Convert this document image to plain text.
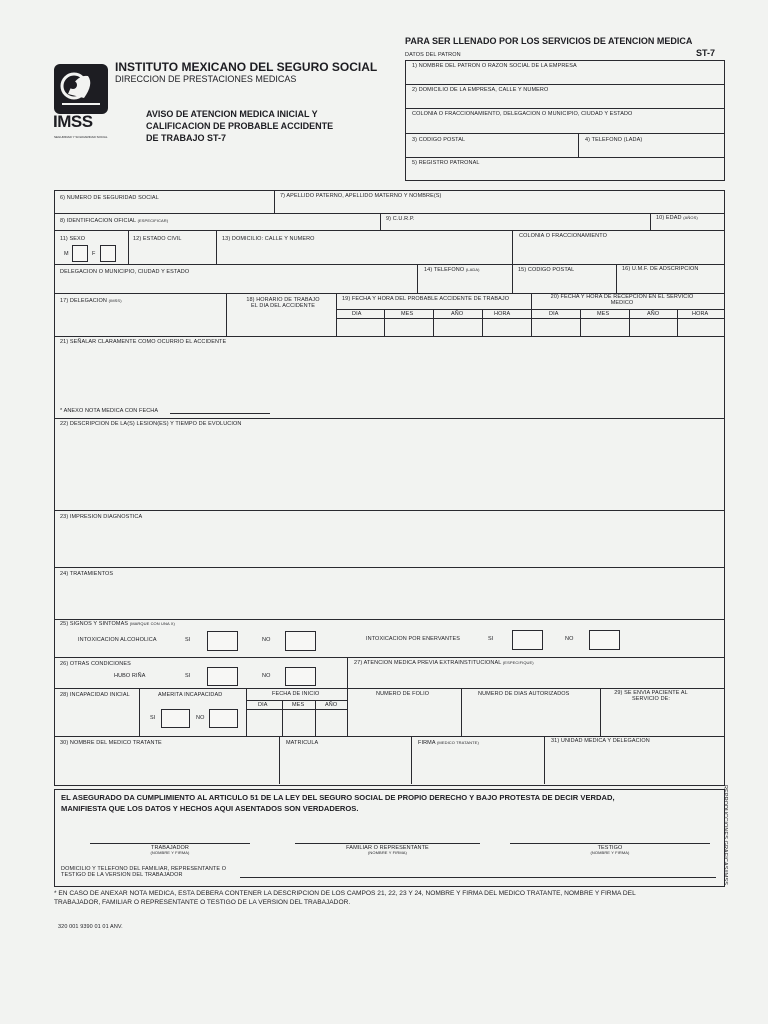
IMSS
SEGURIDAD Y SOLIDARIDAD SOCIAL
INSTITUTO MEXICANO DEL SEGURO SOCIAL
DIRECCION DE PRESTACIONES MEDICAS
AVISO DE ATENCION MEDICA INICIAL Y
CALIFICACION DE PROBABLE ACCIDENTE
DE TRABAJO ST-7
PARA SER LLENADO POR LOS SERVICIOS DE ATENCION MEDICA
DATOS DEL PATRON	ST-7
1) NOMBRE DEL PATRON O RAZON SOCIAL DE LA EMPRESA
2) DOMICILIO DE LA EMPRESA, CALLE Y NUMERO
COLONIA O FRACCIONAMIENTO, DELEGACION O MUNICIPIO, CIUDAD Y ESTADO
3) CODIGO POSTAL	4) TELEFONO (LADA)
5) REGISTRO PATRONAL
6) NUMERO DE SEGURIDAD SOCIAL	7) APELLIDO PATERNO, APELLIDO MATERNO Y NOMBRE(S)
8) IDENTIFICACION OFICIAL (ESPECIFICAR)	9) C.U.R.P.	10) EDAD (AÑOS)
11) SEXO
M	F
12) ESTADO CIVIL	13) DOMICILIO: CALLE Y NUMERO	COLONIA O FRACCIONAMIENTO
DELEGACION O MUNICIPIO, CIUDAD Y ESTADO	14) TELEFONO (LADA)	15) CODIGO POSTAL	16) U.M.F. DE ADSCRIPCION
17) DELEGACION (IMSS)	18) HORARIO DE TRABAJO
EL DIA DEL ACCIDENTE
19) FECHA Y HORA DEL PROBABLE ACCIDENTE DE TRABAJO	20) FECHA Y HORA DE RECEPCION EN EL SERVICIO
MEDICO
DIA	MES	AÑO	HORA	DIA	MES	AÑO	HORA
21) SEÑALAR CLARAMENTE COMO OCURRIO EL ACCIDENTE
* ANEXO NOTA MEDICA CON FECHA
22) DESCRIPCION DE LA(S) LESION(ES) Y TIEMPO DE EVOLUCION
23) IMPRESION DIAGNOSTICA
24) TRATAMIENTOS
25) SIGNOS Y SINTOMAS (MARQUE CON UNA X)
INTOXICACION ALCOHOLICA	SI	NO	INTOXICACION POR ENERVANTES	SI	NO
26) OTRAS CONDICIONES
HUBO RIÑA	SI	NO
27) ATENCION MEDICA PREVIA EXTRAINSTITUCIONAL (ESPECIFIQUE)
28) INCAPACIDAD INICIAL	AMERITA INCAPACIDAD
SI	NO
FECHA DE INICIO
DIA	MES	AÑO
NUMERO DE FOLIO	NUMERO DE DIAS AUTORIZADOS	29) SE ENVIA PACIENTE AL
SERVICIO DE:
30) NOMBRE DEL MEDICO TRATANTE	MATRICULA	FIRMA (MEDICO TRATANTE)	31) UNIDAD MEDICA Y DELEGACION
EL ASEGURADO DA CUMPLIMIENTO AL ARTICULO 51 DE LA LEY DEL SEGURO SOCIAL DE PROPIO DERECHO Y BAJO PROTESTA DE DECIR VERDAD,
MANIFIESTA QUE LOS DATOS Y HECHOS AQUI ASENTADOS SON VERDADEROS.
TRABAJADOR
(NOMBRE Y FIRMA)
FAMILIAR O REPRESENTANTE
(NOMBRE Y FIRMA)
TESTIGO
(NOMBRE Y FIRMA)
DOMICILIO Y TELEFONO DEL FAMILIAR, REPRESENTANTE O
TESTIGO DE LA VERSION DEL TRABAJADOR
* EN CASO DE ANEXAR NOTA MEDICA, ESTA DEBERA CONTENER LA DESCRIPCION DE LOS CAMPOS 21, 22, 23 Y 24, NOMBRE Y FIRMA DEL MEDICO TRATANTE, NOMBRE Y FIRMA DEL
TRABAJADOR, FAMILIAR O REPRESENTANTE O TESTIGO DE LA VERSION DEL TRABAJADOR.
320 001 9390 01 01 ANV.
REPRODUCCIONES GRAFICAS/IMSS
